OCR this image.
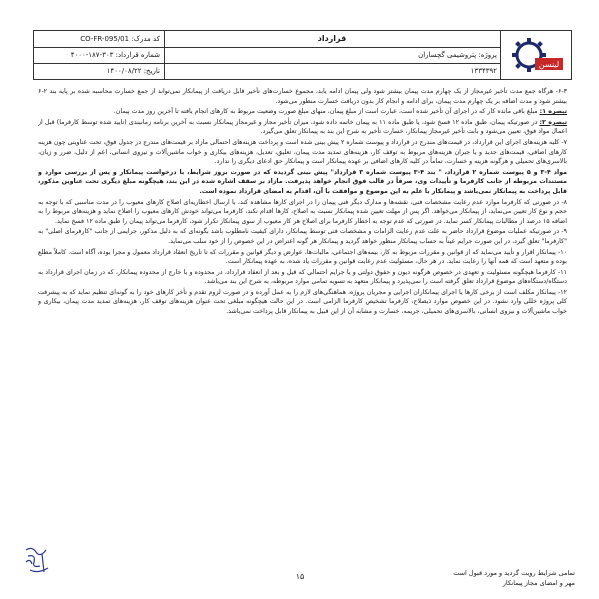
لینسن
قرارداد
پروژه: پتروشیمی گچساران
۱۳۳۴۳۹۲
کد مدرک: CO-FR-095/01
شماره قرارداد: ۳۰۳-۱۸۷-۴۰۰۰
تاریخ: ۱۴۰۰/۰۸/۲۲

۶-۳- هرگاه جمع مدت تأخیر غیرمجاز از یک چهارم مدت پیمان بیشتر شود ولی پیمان ادامه یابد، مجموع خسارت‌های تأخیر قابل دریافت از پیمانکار نمی‌تواند از جمع خسارت محاسبه شده بر پایه بند ۲-۶ بیشتر شود و مدت اضافه بر یک چهارم مدت پیمان، برای ادامه و انجام کار بدون دریافت خسارت منظور می‌شود.

تبصره ۱: مبلغ باقی مانده کار که در اجرای آن تأخیر شده است، عبارت است از مبلغ پیمان، منهای مبلغ صورت وضعیت مربوط به کارهای انجام یافته تا آخرین روز مدت پیمان.

تبصره ۲: در صورتیکه پیمان، طبق ماده ۱۲ فسخ شود، یا طبق ماده ۱۱ به پیمان خاتمه داده شود، میزان تأخیر مجاز و غیرمجاز پیمانکار نسبت به آخرین برنامه زمانبندی (تایید شده توسط کارفرما) قبل از اعمال مواد فوق، تعیین می‌شود و بابت تأخیر غیرمجاز پیمانکار، خسارت تأخیر به شرح این بند به پیمانکار تعلق می‌گیرد.

۷- کلیه هزینه‌های اجرای این قرارداد، در قیمت‌های مندرج در قرارداد و پیوست شماره ۲ پیش بینی شده است و پرداخت هزینه‌های احتمالی مازاد بر قیمت‌های مندرج در جدول فوق، تحت عناوینی چون هزینه کارهای اضافی، قیمت‌های جدید و یا جبران هزینه‌های مربوط به توقف کار، هزینه‌های تمدید مدت پیمان، تعلیق، تعدیل، هزینه‌های بیکاری و خواب ماشین‌آلات و نیروی انسانی، اعم از دلیل، ضرر و زیان، بالاسری‌های تحمیلی و هرگونه هزینه و خسارت، تماماً در کلیه کارهای اضافی بر عهده پیمانکار است و پیمانکار حق ادعای دیگری را ندارد.

مواد ۴-۳ و ۵ پیوست شماره ۲ قرارداد، " بند ۴-۳ پیوست شماره ۳ قرارداد" پیش بینی گردیده که در صورت بروز شرایط، با درخواست پیمانکار و پس از بررسی موارد و مستندات مربوطه از جانب کارفرما و تأییدات وی، صرفاً در قالب فوق انجام خواهد پذیرفت. مازاد بر سقف اشاره شده در این بند، هیچگونه مبلغ دیگری تحت عناوین مذکور، قابل پرداخت به پیمانکار نمی‌باشد و پیمانکار با علم به این موضوع و موافقت با آن، اقدام به امضای قرارداد نموده است.

۸- در صورتی که کارفرما موارد عدم رعایت مشخصات فنی، نقشه‌ها و مدارک دیگر فنی پیمان را در اجرای کارها مشاهده کند، با ارسال اخطاریه‌ای اصلاح کارهای معیوب را در مدت مناسبی که با توجه به حجم و نوع کار تعیین می‌نماید، از پیمانکار می‌خواهد. اگر پس از مهلت تعیین شده پیمانکار نسبت به اصلاح، کارها اقدام نکند، کارفرما می‌تواند خودش کارهای معیوب را اصلاح نماید و هزینه‌های مربوط را به اضافه ۱۵ درصد از مطالبات پیمانکار کسر نماید. در صورتی که عدم توجه به اخطار کارفرما برای اصلاح هر کار معیوب از سوی پیمانکار تکرار شود، کارفرما می‌تواند پیمان را طبق ماده ۱۲ فسخ نماید.

۹- در صورتیکه عملیات موضوع قرارداد حاضر به علت عدم رعایت الزامات و مشخصات فنی توسط پیمانکار، دارای کیفیت نامطلوب باشد بگونه‌ای که به دلیل مذکور، جرایمی از جانب "کارفرمای اصلی" به "کارفرما" تعلق گیرد، در این صورت جرایم عیناً به حساب پیمانکار منظور خواهد گردید و پیمانکار هر گونه اعتراض در این خصوص را از خود سلب می‌نماید.

۱۰- پیمانکار اقرار و تأیید می‌نماید که از قوانین و مقررات مربوط به کار، بیمه‌های اجتماعی، مالیات‌ها، عوارض و دیگر قوانین و مقررات که تا تاریخ انعقاد قرارداد معمول و مجرا بوده، آگاه است. کاملاً مطلع بوده و متعهد است که همه آنها را رعایت نماید. در هر حال، مسئولیت عدم رعایت قوانین و مقررات یاد شده، به عهده پیمانکار است.

۱۱- کارفرما هیچگونه مسئولیت و تعهدی در خصوص هرگونه دیون و حقوق دولتی و یا جرایم احتمالی که قبل و بعد از انعقاد قرارداد، در محدوده و یا خارج از محدوده پیمانکار، که در زمان اجرای قرارداد به دستگاه/دستگاه‌های موضوع قرارداد تعلق گرفته است را نمی‌پذیرد و پیمانکار متعهد به تسویه تمامی موارد مربوطه، به شرح این بند می‌باشد.

۱۲- پیمانکار مکلف است از برخی کارها یا اجرای پیمانکاران اجرایی و مجریان پروژه، هماهنگی‌های لازم را به عمل آورده و در صورت لزوم تقدم و تأخر کارهای خود را به گونه‌ای تنظیم نماید که به پیشرفت کلی پروژه خللی وارد نشود. در این خصوص موارد ذیصلاح، کارفرما تشخیص کارفرما الزامی است. در این حالت هیچگونه مبلغی تحت عنوان هزینه‌های توقف کار، هزینه‌های تمدید مدت پیمان، بیکاری و خواب ماشین‌آلات و نیروی انسانی، بالاسری‌های تحمیلی، جریمه، خسارت و مشابه آن از این قبیل به پیمانکار قابل پرداخت نمی‌باشد.

۱۵	تمامی شرایط رویت گردید و مورد قبول است
مهر و امضای مجاز پیمانکار
